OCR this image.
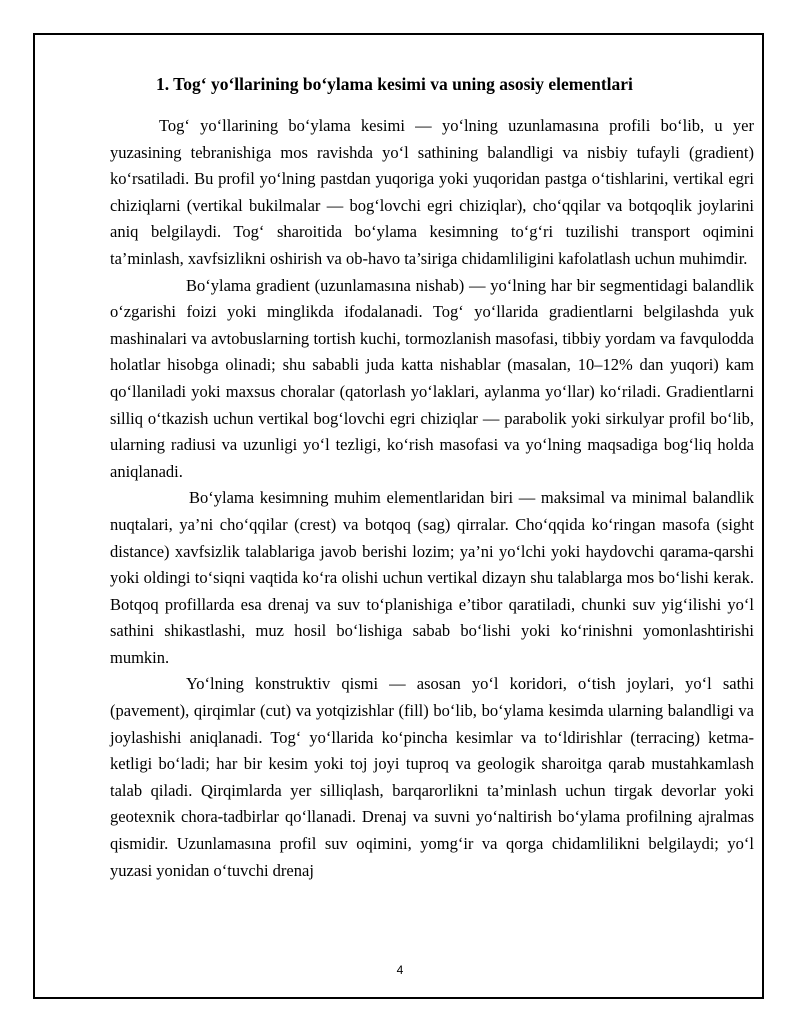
1. Tog‘ yo‘llarining bo‘ylama kesimi va uning asosiy elementlari

Tog‘ yo‘llarining bo‘ylama kesimi — yo‘lning uzunlamasına profili bo‘lib, u yer yuzasining tebranishiga mos ravishda yo‘l sathining balandligi va nisbiy tufayli (gradient) ko‘rsatiladi. Bu profil yo‘lning pastdan yuqoriga yoki yuqoridan pastga o‘tishlarini, vertikal egri chiziqlarni (vertikal bukilmalar — bog‘lovchi egri chiziqlar), cho‘qqilar va botqoqlik joylarini aniq belgilaydi. Tog‘ sharoitida bo‘ylama kesimning to‘g‘ri tuzilishi transport oqimini ta’minlash, xavfsizlikni oshirish va ob-havo ta’siriga chidamliligini kafolatlash uchun muhimdir.

Bo‘ylama gradient (uzunlamasına nishab) — yo‘lning har bir segmentidagi balandlik o‘zgarishi foizi yoki minglikda ifodalanadi. Tog‘ yo‘llarida gradientlarni belgilashda yuk mashinalari va avtobuslarning tortish kuchi, tormozlanish masofasi, tibbiy yordam va favqulodda holatlar hisobga olinadi; shu sababli juda katta nishablar (masalan, 10–12% dan yuqori) kam qo‘llaniladi yoki maxsus choralar (qatorlash yo‘laklari, aylanma yo‘llar) ko‘riladi. Gradientlarni silliq o‘tkazish uchun vertikal bog‘lovchi egri chiziqlar — parabolik yoki sirkulyar profil bo‘lib, ularning radiusi va uzunligi yo‘l tezligi, ko‘rish masofasi va yo‘lning maqsadiga bog‘liq holda aniqlanadi.

Bo‘ylama kesimning muhim elementlaridan biri — maksimal va minimal balandlik nuqtalari, ya’ni cho‘qqilar (crest) va botqoq (sag) qirralar. Cho‘qqida ko‘ringan masofa (sight distance) xavfsizlik talablariga javob berishi lozim; ya’ni yo‘lchi yoki haydovchi qarama-qarshi yoki oldingi to‘siqni vaqtida ko‘ra olishi uchun vertikal dizayn shu talablarga mos bo‘lishi kerak. Botqoq profillarda esa drenaj va suv to‘planishiga e’tibor qaratiladi, chunki suv yig‘ilishi yo‘l sathini shikastlashi, muz hosil bo‘lishiga sabab bo‘lishi yoki ko‘rinishni yomonlashtirishi mumkin.

Yo‘lning konstruktiv qismi — asosan yo‘l koridori, o‘tish joylari, yo‘l sathi (pavement), qirqimlar (cut) va yotqizishlar (fill) bo‘lib, bo‘ylama kesimda ularning balandligi va joylashishi aniqlanadi. Tog‘ yo‘llarida ko‘pincha kesimlar va to‘ldirishlar (terracing) ketma-ketligi bo‘ladi; har bir kesim yoki toj joyi tuproq va geologik sharoitga qarab mustahkamlash talab qiladi. Qirqimlarda yer silliqlash, barqarorlikni ta’minlash uchun tirgak devorlar yoki geotexnik chora-tadbirlar qo‘llanadi. Drenaj va suvni yo‘naltirish bo‘ylama profilning ajralmas qismidir. Uzunlamasına profil suv oqimini, yomg‘ir va qorga chidamlilikni belgilaydi; yo‘l yuzasi yonidan o‘tuvchi drenaj

4
